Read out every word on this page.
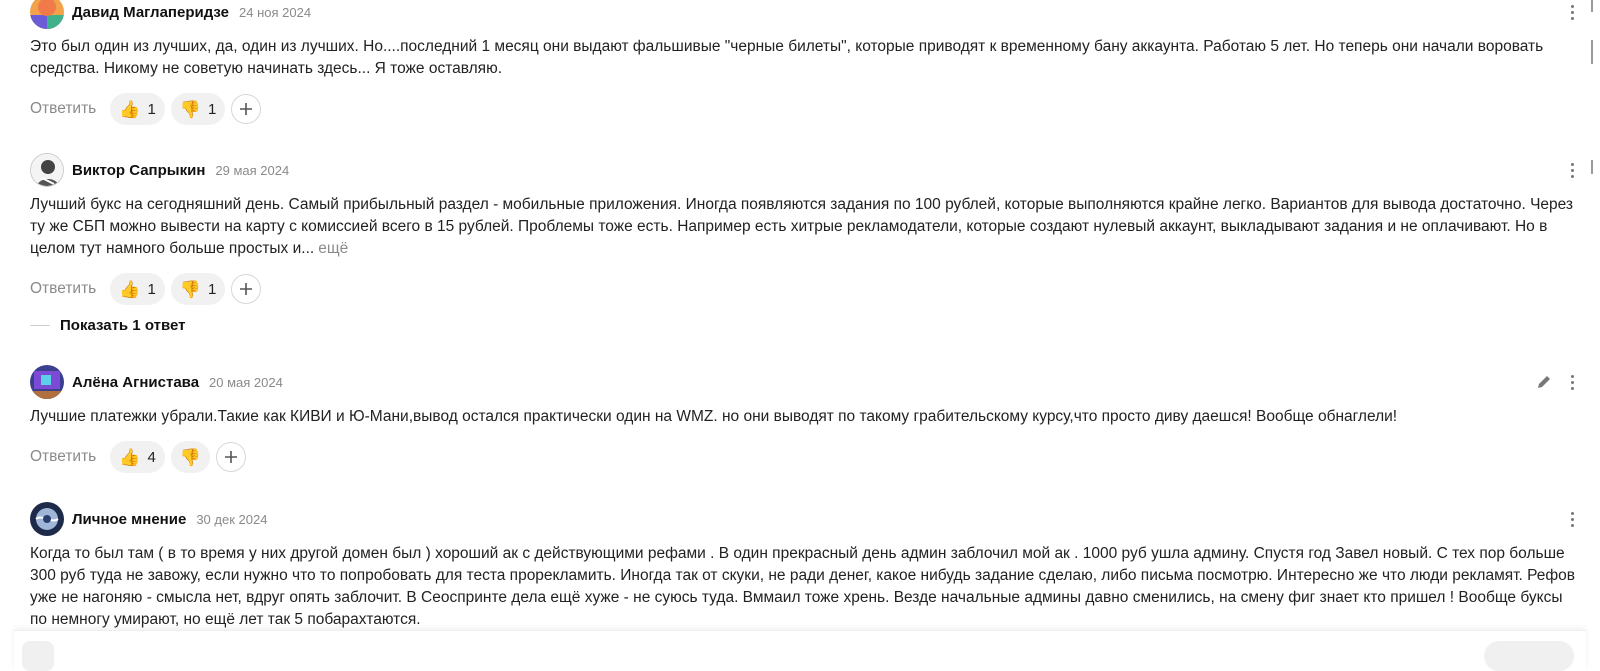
Давид Маглаперидзе 24 ноя 2024
Это был один из лучших, да, один из лучших. Но....последний 1 месяц они выдают фальшивые "черные билеты", которые приводят к временному бану аккаунта. Работаю 5 лет. Но теперь они начали воровать средства. Никому не советую начинать здесь... Я тоже оставляю.
Ответить 👍 1 👎 1
Виктор Сапрыкин 29 мая 2024
Лучший букс на сегодняшний день. Самый прибыльный раздел - мобильные приложения. Иногда появляются задания по 100 рублей, которые выполняются крайне легко. Вариантов для вывода достаточно. Через ту же СБП можно вывести на карту с комиссией всего в 15 рублей. Проблемы тоже есть. Например есть хитрые рекламодатели, которые создают нулевый аккаунт, выкладывают задания и не оплачивают. Но в целом тут намного больше простых и... ещё
Ответить 👍 1 👎 1
Показать 1 ответ
Алёна Агнистава 20 мая 2024
Лучшие платежки убрали.Такие как КИВИ и Ю-Мани,вывод остался практически один на WMZ. но они выводят по такому грабительскому курсу,что просто диву даешся! Вообще обнаглели!
Ответить 👍 4 👎
Личное мнение 30 дек 2024
Когда то был там ( в то время у них другой домен был ) хороший ак с действующими рефами . В один прекрасный день админ заблочил мой ак . 1000 руб ушла админу. Спустя год Завел новый. С тех пор больше 300 руб туда не завожу, если нужно что то попробовать для теста прорекламить. Иногда так от скуки, не ради денег, какое нибудь задание сделаю, либо письма посмотрю. Интересно же что люди рекламят. Рефов уже не нагоняю - смысла нет, вдруг опять заблочит. В Сеоспринте дела ещё хуже - не суюсь туда. Вммаил тоже хрень. Везде начальные админы давно сменились, на смену фиг знает кто пришел ! Вообще буксы по немногу умирают, но ещё лет так 5 побарахтаются.
